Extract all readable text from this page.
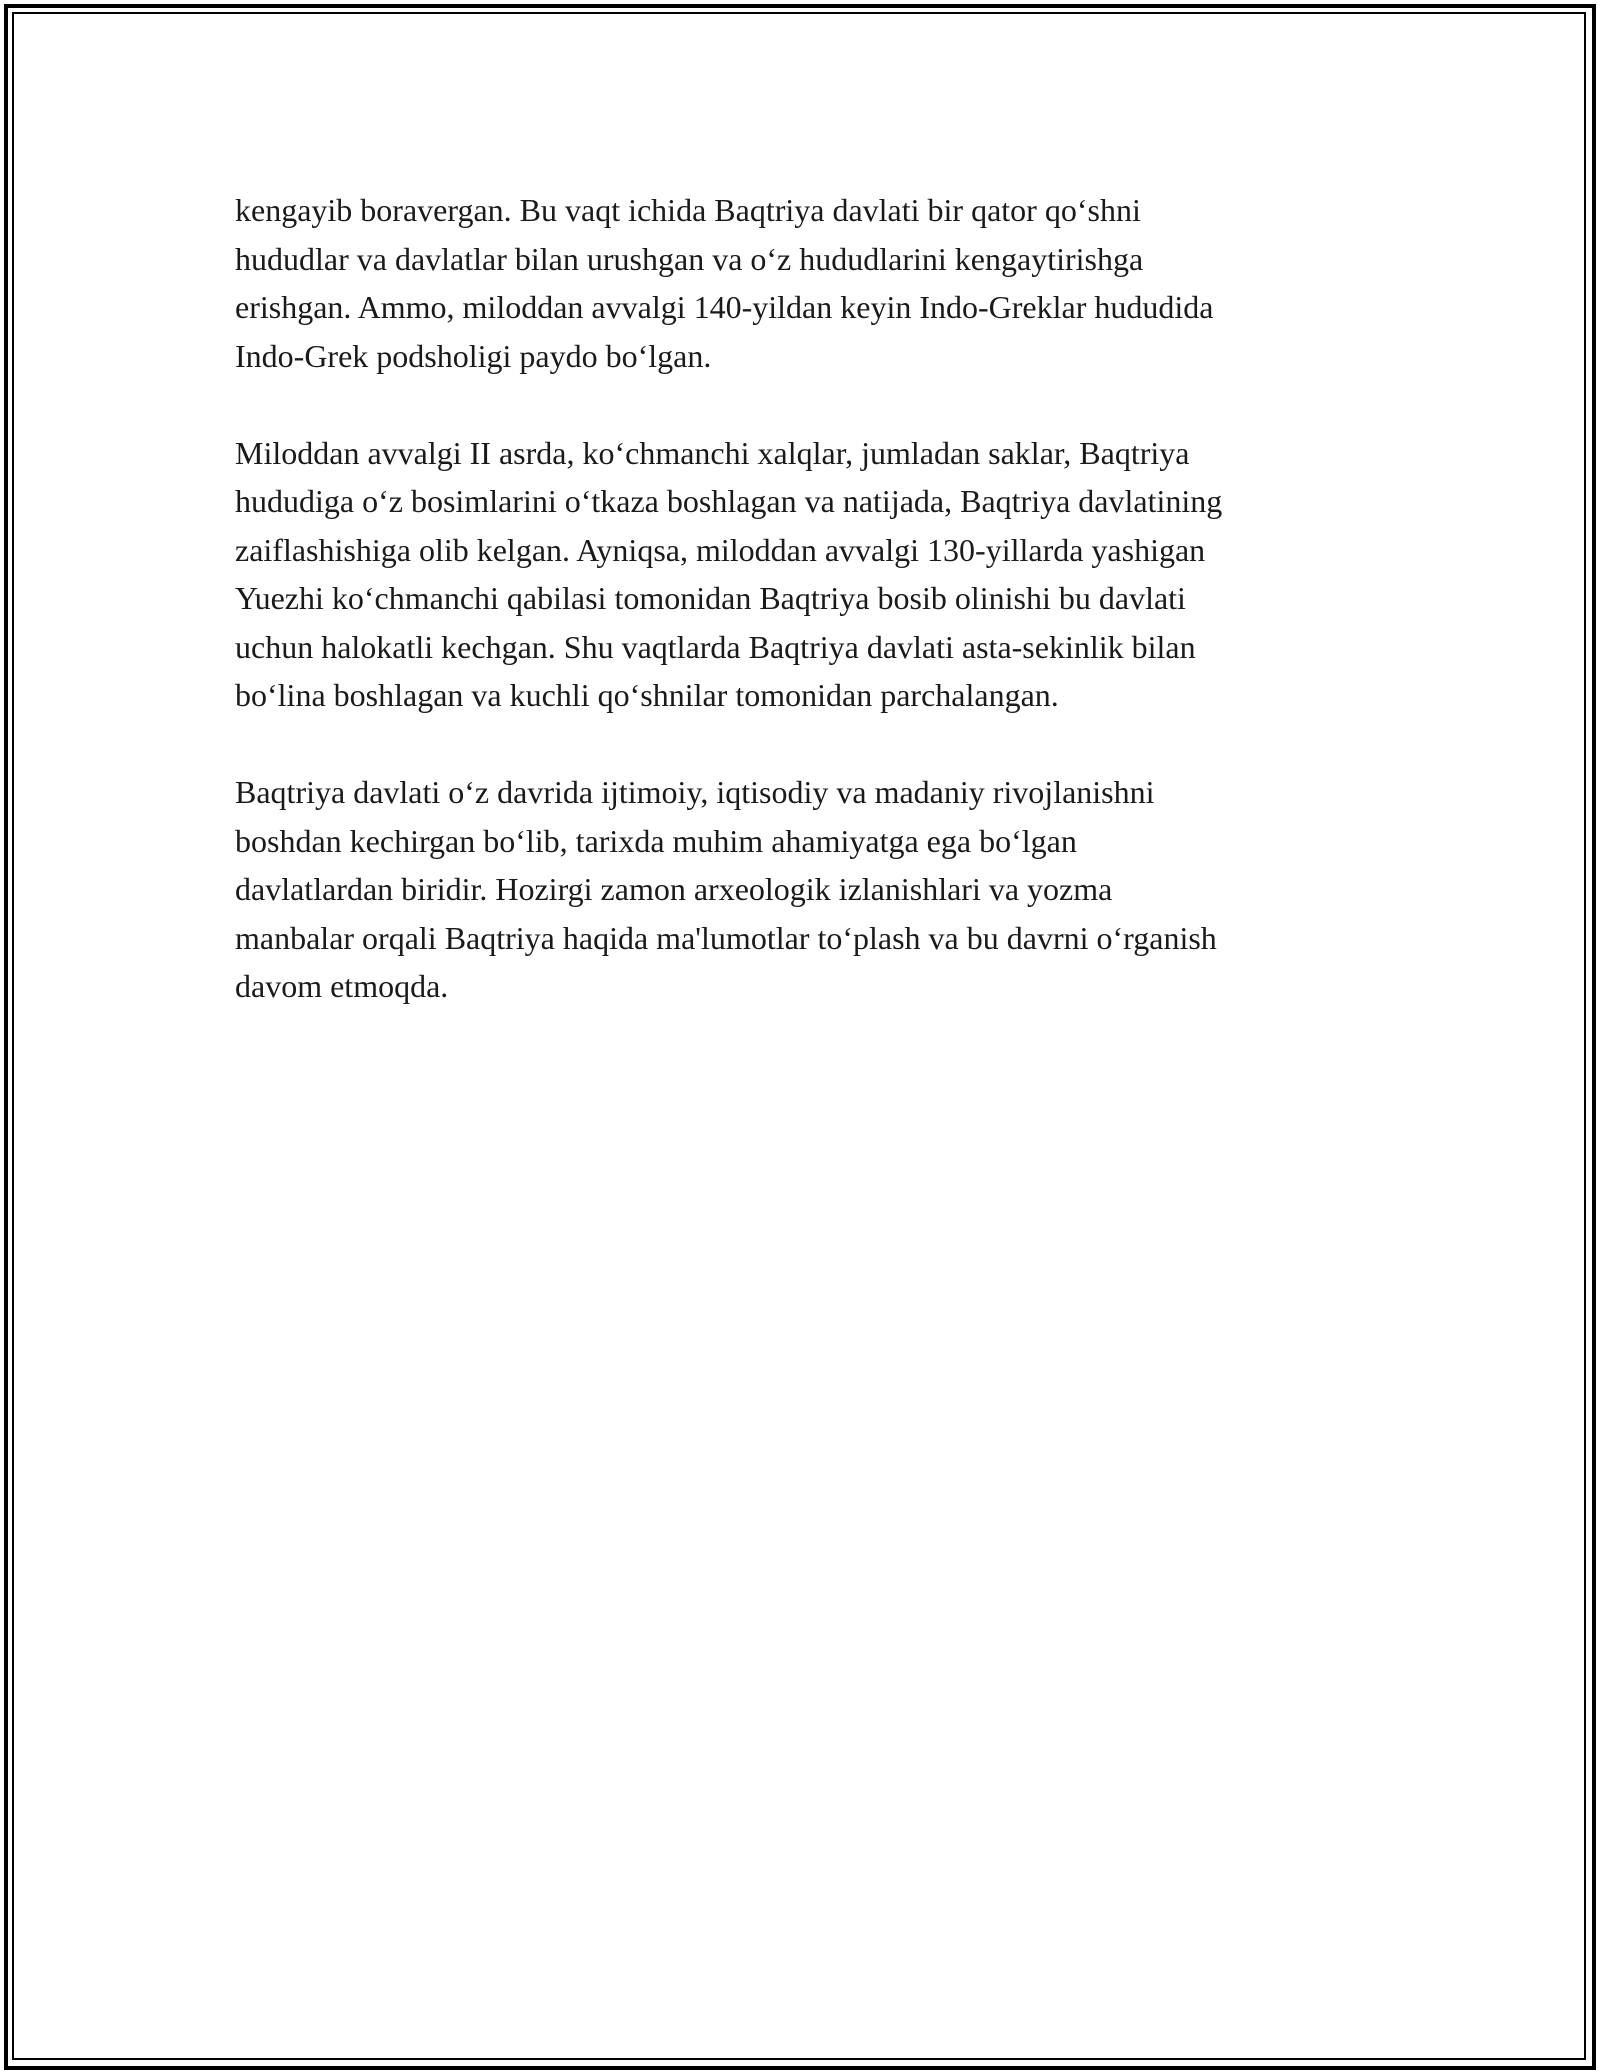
kengayib boravergan. Bu vaqt ichida Baqtriya davlati bir qator qo‘shni
hududlar va davlatlar bilan urushgan va o‘z hududlarini kengaytirishga
erishgan. Ammo, miloddan avvalgi 140-yildan keyin Indo-Greklar hududida
Indo-Grek podsholigi paydo bo‘lgan.

Miloddan avvalgi II asrda, ko‘chmanchi xalqlar, jumladan saklar, Baqtriya
hududiga o‘z bosimlarini o‘tkaza boshlagan va natijada, Baqtriya davlatining
zaiflashishiga olib kelgan. Ayniqsa, miloddan avvalgi 130-yillarda yashigan
Yuezhi ko‘chmanchi qabilasi tomonidan Baqtriya bosib olinishi bu davlati
uchun halokatli kechgan. Shu vaqtlarda Baqtriya davlati asta-sekinlik bilan
bo‘lina boshlagan va kuchli qo‘shnilar tomonidan parchalangan.

Baqtriya davlati o‘z davrida ijtimoiy, iqtisodiy va madaniy rivojlanishni
boshdan kechirgan bo‘lib, tarixda muhim ahamiyatga ega bo‘lgan
davlatlardan biridir. Hozirgi zamon arxeologik izlanishlari va yozma
manbalar orqali Baqtriya haqida ma'lumotlar to‘plash va bu davrni o‘rganish
davom etmoqda.
